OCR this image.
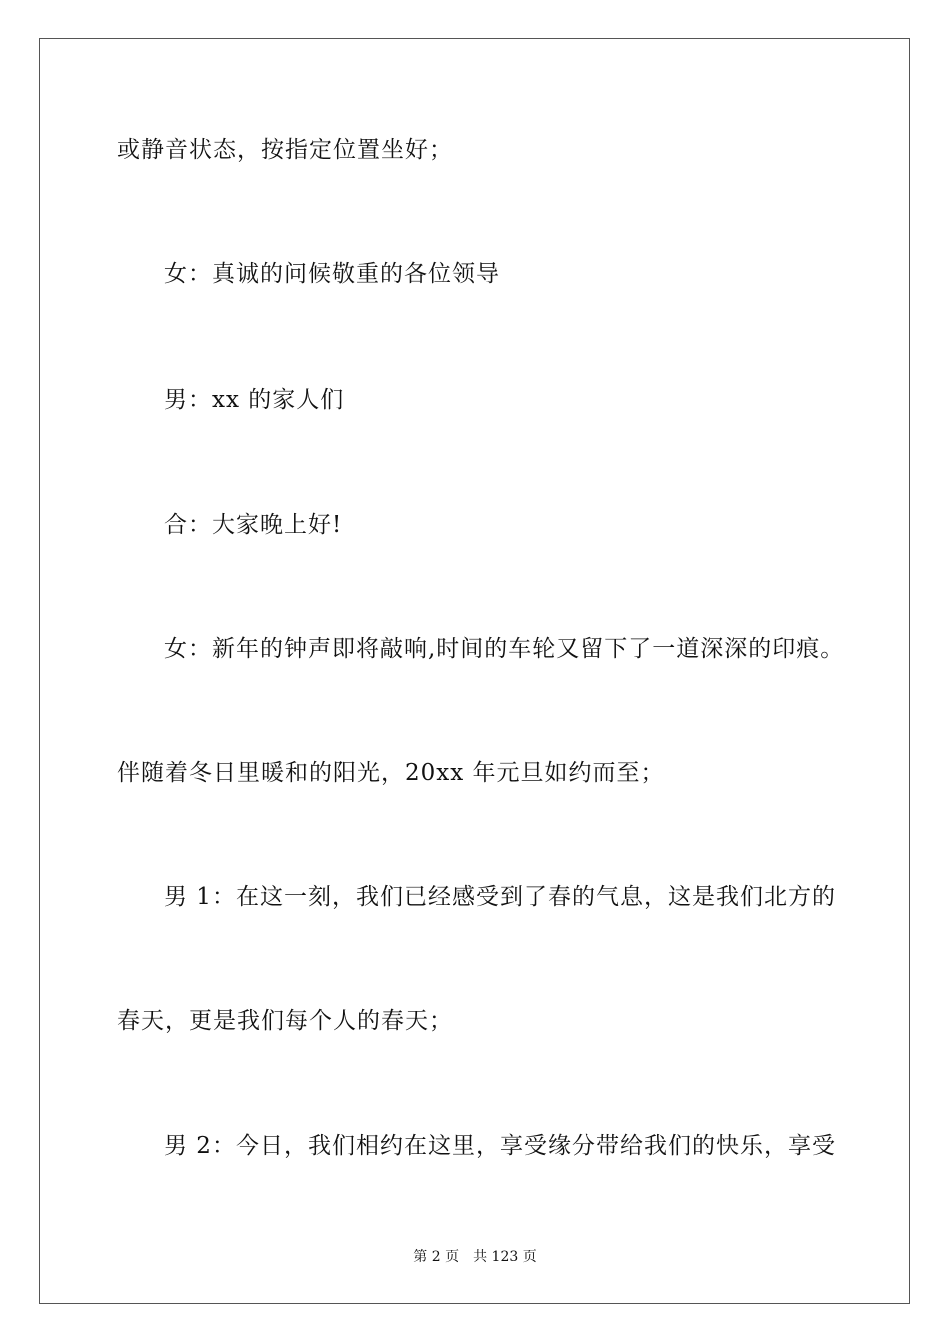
或静音状态，按指定位置坐好；
女：真诚的问候敬重的各位领导
男：xx 的家人们
合：大家晚上好!
女：新年的钟声即将敲响,时间的车轮又留下了一道深深的印痕。
伴随着冬日里暖和的阳光，20xx 年元旦如约而至；
男 1：在这一刻，我们已经感受到了春的气息，这是我们北方的
春天，更是我们每个人的春天；
男 2：今日，我们相约在这里，享受缘分带给我们的快乐，享受
第 2 页 共 123 页
